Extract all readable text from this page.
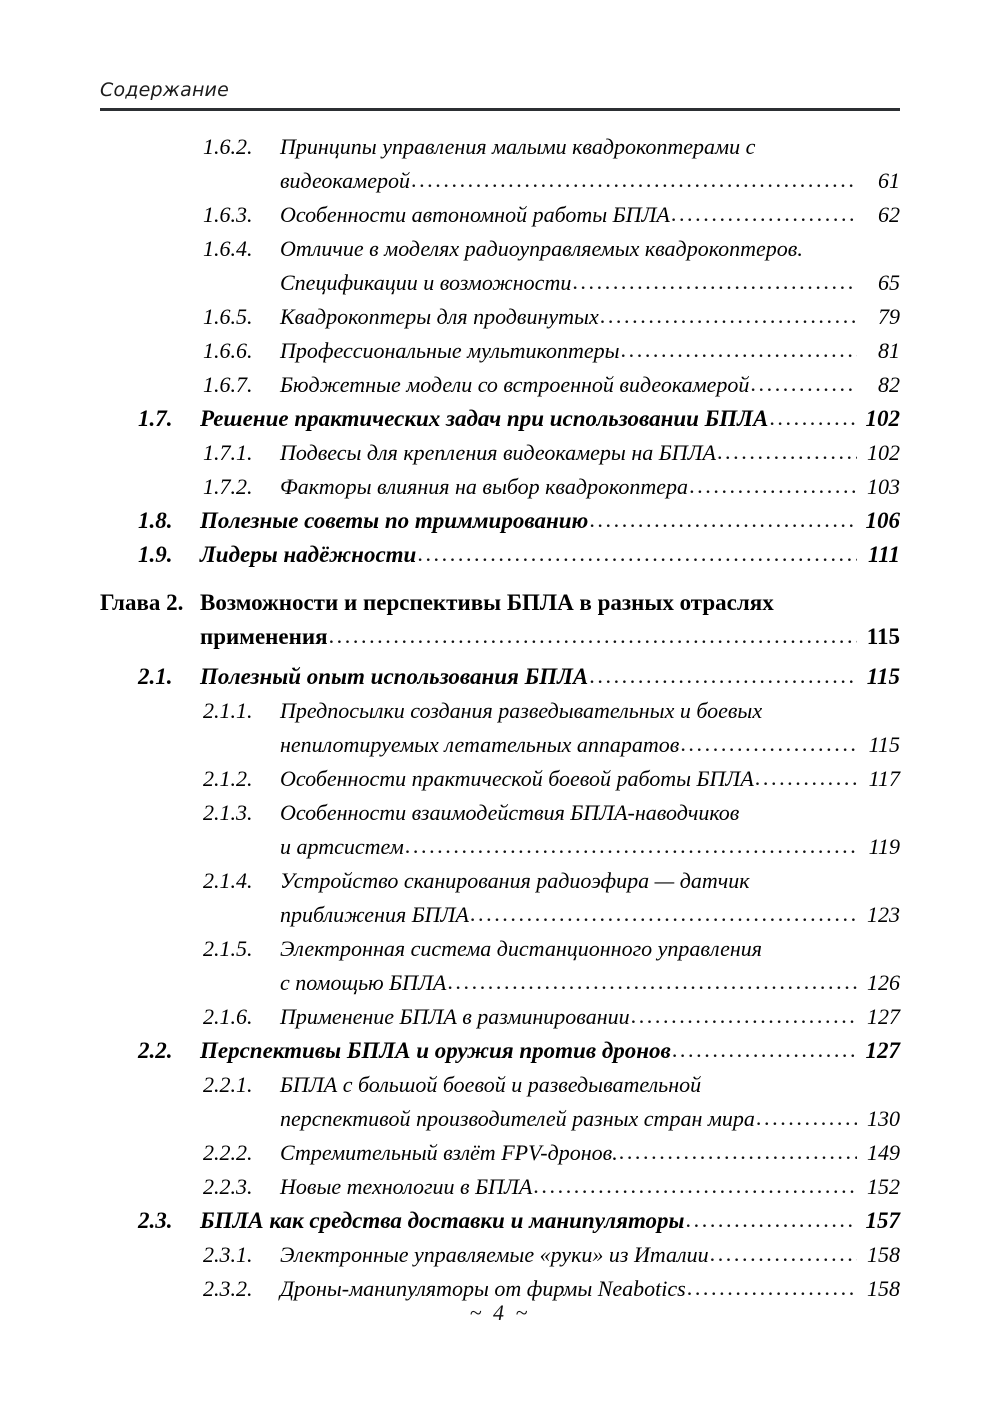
Содержание
1.6.2.	Принципы управления малыми квадрокоптерами с
видеокамерой .....	61
1.6.3.	Особенности автономной работы БПЛА .....	62
1.6.4.	Отличие в моделях радиоуправляемых квадрокоптеров.
Спецификации и возможности .....	65
1.6.5.	Квадрокоптеры для продвинутых .....	79
1.6.6.	Профессиональные мультикоптеры .....	81
1.6.7.	Бюджетные модели со встроенной видеокамерой .....	82
1.7.	Решение практических задач при использовании БПЛА .....	102
1.7.1.	Подвесы для крепления видеокамеры на БПЛА .....	102
1.7.2.	Факторы влияния на выбор квадрокоптера .....	103
1.8.	Полезные советы по триммированию .....	106
1.9.	Лидеры надёжности .....	111
Глава 2. Возможности и перспективы БПЛА в разных отраслях
применения .....	115
2.1.	Полезный опыт использования БПЛА .....	115
2.1.1.	Предпосылки создания разведывательных и боевых
непилотируемых летательных аппаратов .....	115
2.1.2.	Особенности практической боевой работы БПЛА .....	117
2.1.3.	Особенности взаимодействия БПЛА-наводчиков
и артсистем .....	119
2.1.4.	Устройство сканирования радиоэфира — датчик
приближения БПЛА .....	123
2.1.5.	Электронная система дистанционного управления
с помощью БПЛА .....	126
2.1.6.	Применение БПЛА в разминировании .....	127
2.2.	Перспективы БПЛА и оружия против дронов .....	127
2.2.1.	БПЛА с большой боевой и разведывательной
перспективой производителей разных стран мира .....	130
2.2.2.	Стремительный взлёт FPV-дронов. .....	149
2.2.3.	Новые технологии в БПЛА .....	152
2.3.	БПЛА как средства доставки и манипуляторы .....	157
2.3.1.	Электронные управляемые «руки» из Италии .....	158
2.3.2.	Дроны-манипуляторы от фирмы Neabotics .....	158
~ 4 ~
